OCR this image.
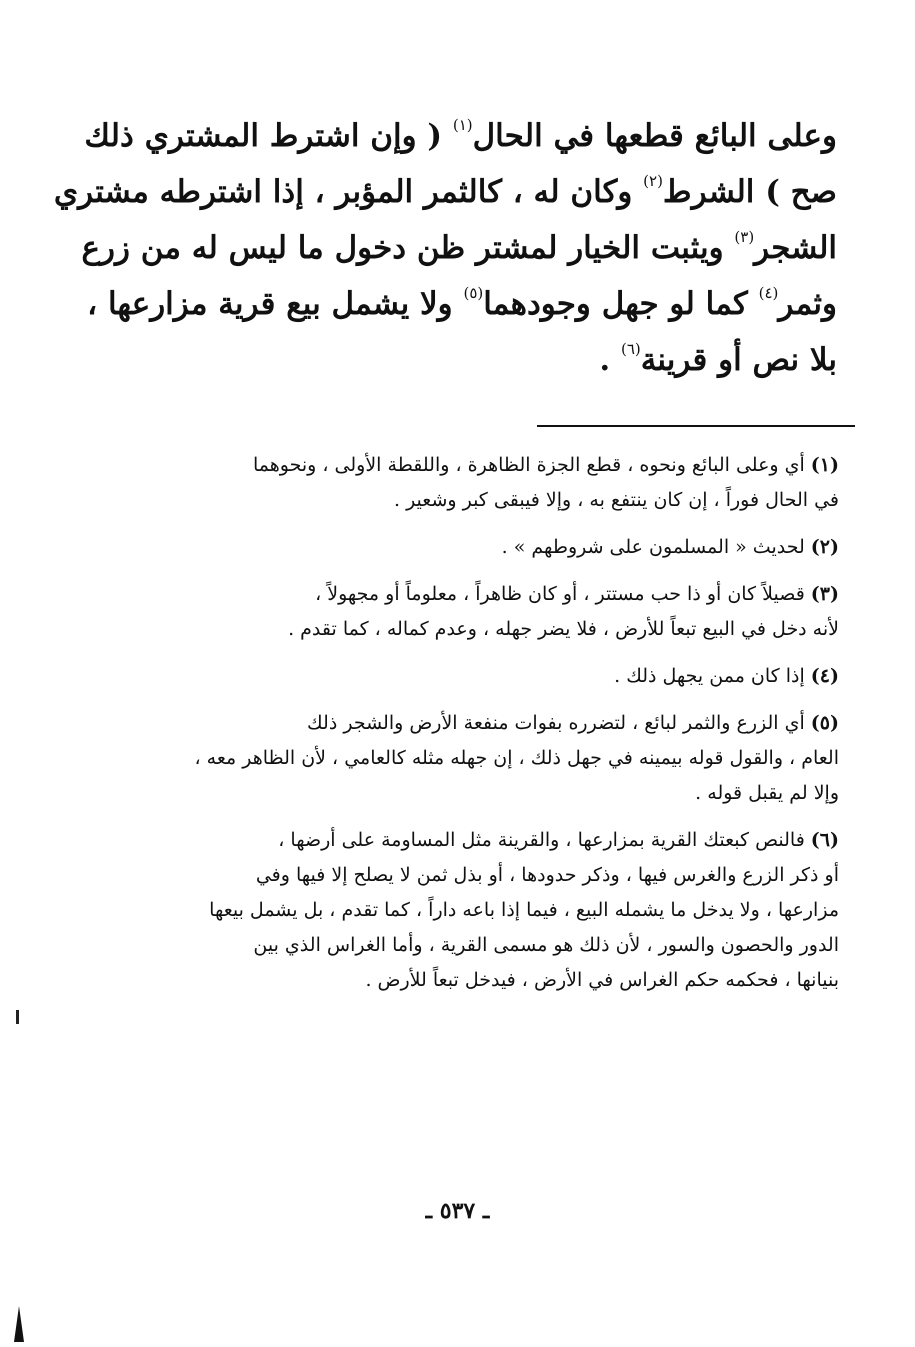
وعلى البائع قطعها في الحال$^{(١)}$ ( وإن اشترط المشتري ذلك
صح ) الشرط$^{(٢)}$ وكان له ، كالثمر المؤبر ، إذا اشترطه مشتري
الشجر$^{(٣)}$ ويثبت الخيار لمشتر ظن دخول ما ليس له من زرع
وثمر$^{(٤)}$ كما لو جهل وجودهما$^{(٥)}$ ولا يشمل بيع قرية مزارعها ،
بلا نص أو قرينة$^{(٦)}$ .
(١)أي وعلى البائع ونحوه ، قطع الجزة الظاهرة ، واللقطة الأولى ، ونحوهما
في الحال فوراً ، إن كان ينتفع به ، وإلا فيبقى كبر وشعير .
(٢)لحديث « المسلمون على شروطهم » .
(٣)قصيلاً كان أو ذا حب مستتر ، أو كان ظاهراً ، معلوماً أو مجهولاً ،
لأنه دخل في البيع تبعاً للأرض ، فلا يضر جهله ، وعدم كماله ، كما تقدم .
(٤)إذا كان ممن يجهل ذلك .
(٥)أي الزرع والثمر لبائع ، لتضرره بفوات منفعة الأرض والشجر ذلك
العام ، والقول قوله بيمينه في جهل ذلك ، إن جهله مثله كالعامي ، لأن الظاهر معه ،
وإلا لم يقبل قوله .
(٦)فالنص كبعتك القرية بمزارعها ، والقرينة مثل المساومة على أرضها ،
أو ذكر الزرع والغرس فيها ، وذكر حدودها ، أو بذل ثمن لا يصلح إلا فيها وفي
مزارعها ، ولا يدخل ما يشمله البيع ، فيما إذا باعه داراً ، كما تقدم ، بل يشمل بيعها
الدور والحصون والسور ، لأن ذلك هو مسمى القرية ، وأما الغراس الذي بين
بنيانها ، فحكمه حكم الغراس في الأرض ، فيدخل تبعاً للأرض .
ـ ٥٣٧ ـ
